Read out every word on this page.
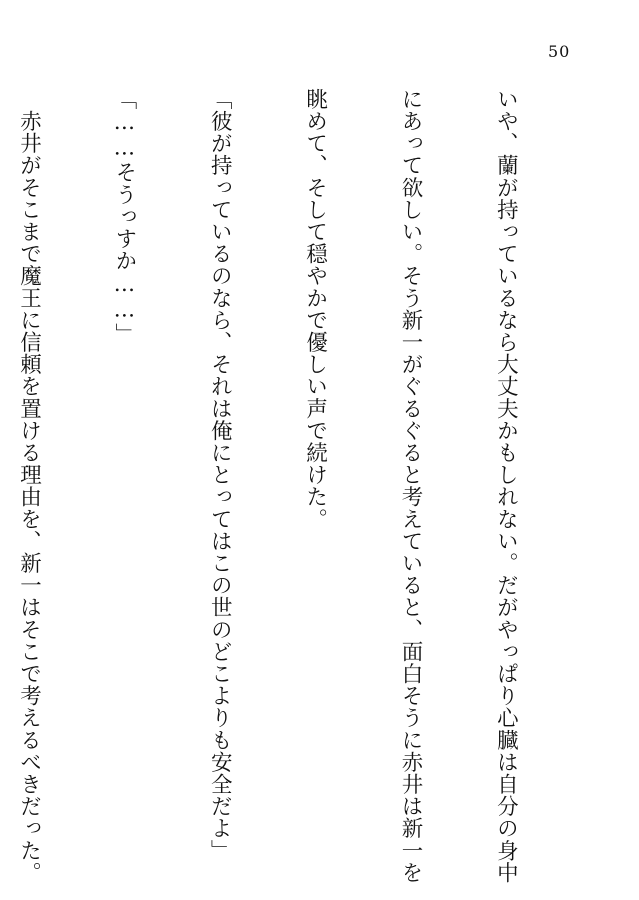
50

いや、蘭が持っているなら大丈夫かもしれない。だがやっぱり心臓は自分の身中

にあって欲しい。そう新一がぐるぐると考えていると、面白そうに赤井は新一を

眺めて、そして穏やかで優しい声で続けた。

「彼が持っているのなら、それは俺にとってはこの世のどこよりも安全だよ」

「……そうっすか……」

　赤井がそこまで魔王に信頼を置ける理由を、新一はそこで考えるべきだった。
